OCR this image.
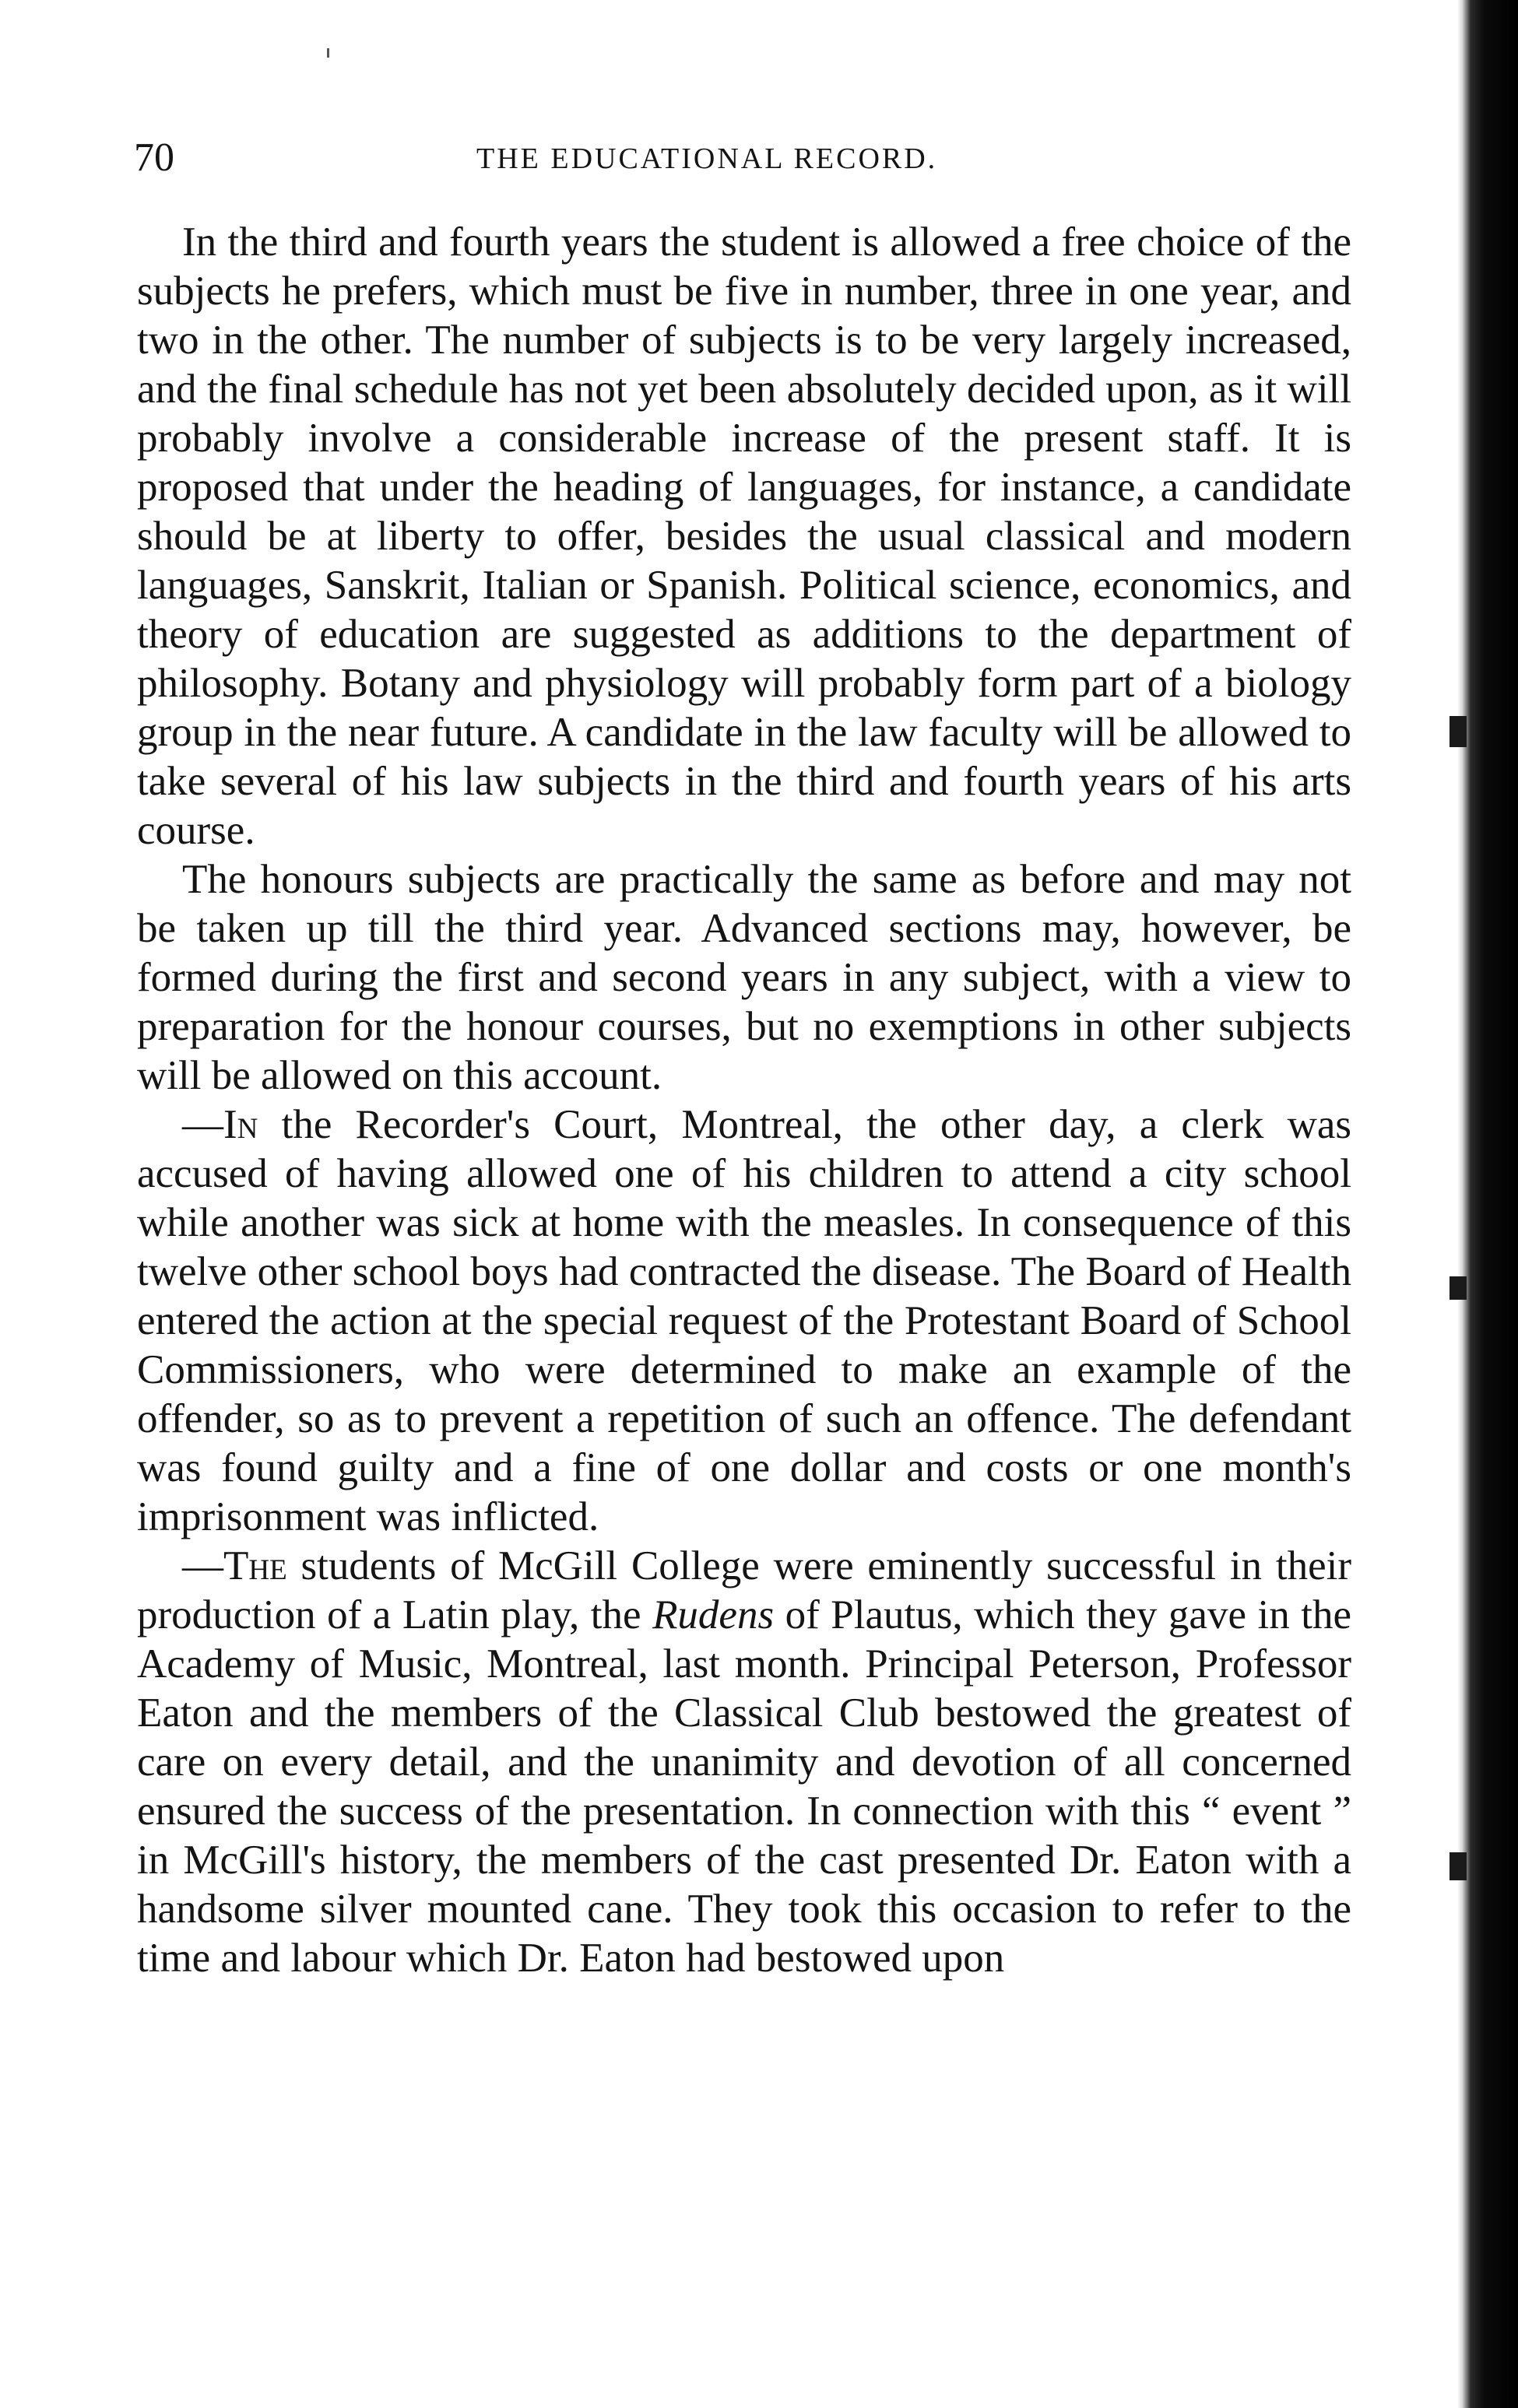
70	THE EDUCATIONAL RECORD.

In the third and fourth years the student is allowed a free choice of the subjects he prefers, which must be five in number, three in one year, and two in the other. The number of subjects is to be very largely increased, and the final schedule has not yet been absolutely decided upon, as it will probably involve a considerable increase of the present staff. It is proposed that under the heading of languages, for instance, a candidate should be at liberty to offer, besides the usual classical and modern languages, Sanskrit, Italian or Spanish. Political science, economics, and theory of education are suggested as additions to the department of philosophy. Botany and physiology will probably form part of a biology group in the near future. A candidate in the law faculty will be allowed to take several of his law subjects in the third and fourth years of his arts course.

The honours subjects are practically the same as before and may not be taken up till the third year. Advanced sections may, however, be formed during the first and second years in any subject, with a view to preparation for the honour courses, but no exemptions in other subjects will be allowed on this account.

—In the Recorder's Court, Montreal, the other day, a clerk was accused of having allowed one of his children to attend a city school while another was sick at home with the measles. In consequence of this twelve other school boys had contracted the disease. The Board of Health entered the action at the special request of the Protestant Board of School Commissioners, who were determined to make an example of the offender, so as to prevent a repetition of such an offence. The defendant was found guilty and a fine of one dollar and costs or one month's imprisonment was inflicted.

—The students of McGill College were eminently successful in their production of a Latin play, the Rudens of Plautus, which they gave in the Academy of Music, Montreal, last month. Principal Peterson, Professor Eaton and the members of the Classical Club bestowed the greatest of care on every detail, and the unanimity and devotion of all concerned ensured the success of the presentation. In connection with this “ event ” in McGill's history, the members of the cast presented Dr. Eaton with a handsome silver mounted cane. They took this occasion to refer to the time and labour which Dr. Eaton had bestowed upon
